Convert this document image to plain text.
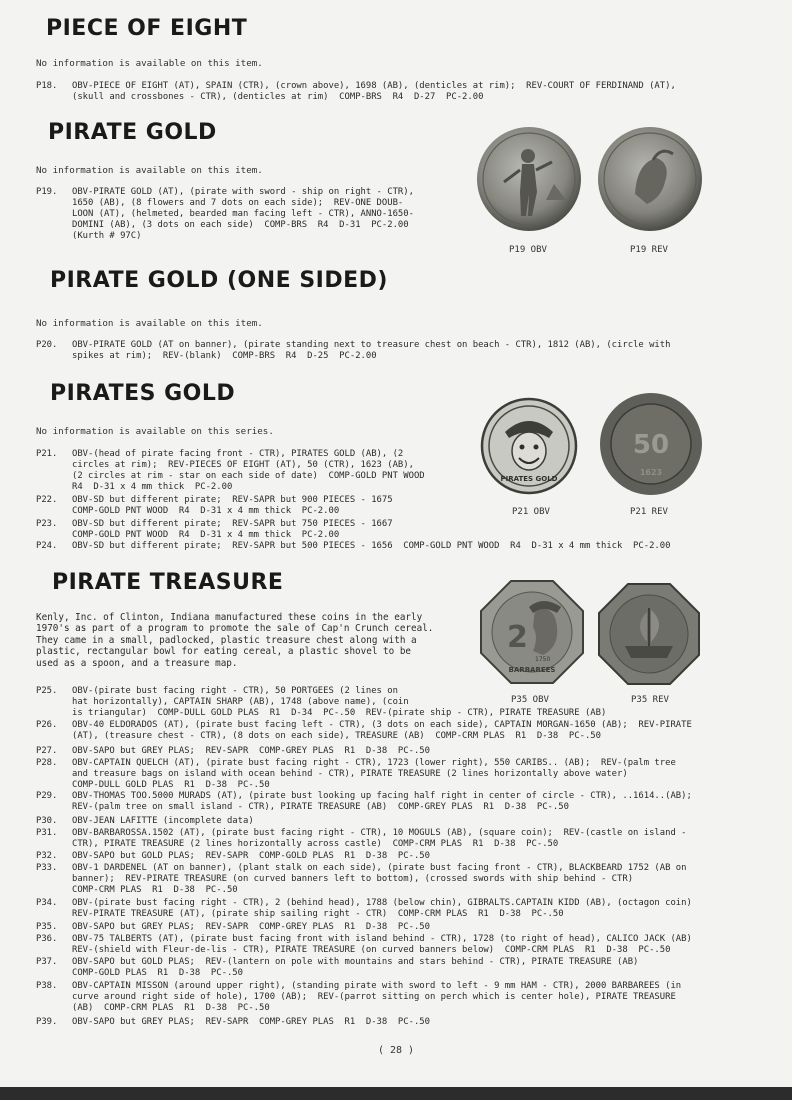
PIECE OF EIGHT

No information is available on this item.

P18. OBV-PIECE OF EIGHT (AT), SPAIN (CTR), (crown above), 1698 (AB), (denticles at rim);  REV-COURT OF FERDINAND (AT),
(skull and crossbones - CTR), (denticles at rim)  COMP-BRS  R4  D-27  PC-2.00
PIRATE GOLD

No information is available on this item.

P19. OBV-PIRATE GOLD (AT), (pirate with sword - ship on right - CTR),
1650 (AB), (8 flowers and 7 dots on each side);  REV-ONE DOUB-
LOON (AT), (helmeted, bearded man facing left - CTR), ANNO-1650-
DOMINI (AB), (3 dots on each side)  COMP-BRS  R4  D-31  PC-2.00
(Kurth # 97C)

P19 OBV	P19 REV

PIRATE GOLD (ONE SIDED)

No information is available on this item.

P20. OBV-PIRATE GOLD (AT on banner), (pirate standing next to treasure chest on beach - CTR), 1812 (AB), (circle with
spikes at rim);  REV-(blank)  COMP-BRS  R4  D-25  PC-2.00
PIRATES GOLD

No information is available on this series.

P21. OBV-(head of pirate facing front - CTR), PIRATES GOLD (AB), (2
circles at rim);  REV-PIECES OF EIGHT (AT), 50 (CTR), 1623 (AB),
(2 circles at rim - star on each side of date)  COMP-GOLD PNT WOOD
R4  D-31 x 4 mm thick  PC-2.00
P22. OBV-SD but different pirate;  REV-SAPR but 900 PIECES - 1675
COMP-GOLD PNT WOOD  R4  D-31 x 4 mm thick  PC-2.00
P23. OBV-SD but different pirate;  REV-SAPR but 750 PIECES - 1667
COMP-GOLD PNT WOOD  R4  D-31 x 4 mm thick  PC-2.00
P24. OBV-SD but different pirate;  REV-SAPR but 500 PIECES - 1656  COMP-GOLD PNT WOOD  R4  D-31 x 4 mm thick  PC-2.00
PIRATES GOLD
50
1623

P21 OBV	P21 REV

PIRATE TREASURE

Kenly, Inc. of Clinton, Indiana manufactured these coins in the early
1970's as part of a program to promote the sale of Cap'n Crunch cereal.
They came in a small, padlocked, plastic treasure chest along with a
plastic, rectangular bowl for eating cereal, a plastic shovel to be
used as a spoon, and a treasure map.

2
1750
BARBAREES

P35 OBV	P35 REV

P25. OBV-(pirate bust facing right - CTR), 50 PORTGEES (2 lines on
hat horizontally), CAPTAIN SHARP (AB), 1748 (above name), (coin
is triangular)  COMP-DULL GOLD PLAS  R1  D-34  PC-.50  REV-(pirate ship - CTR), PIRATE TREASURE (AB)
P26. OBV-40 ELDORADOS (AT), (pirate bust facing left - CTR), (3 dots on each side), CAPTAIN MORGAN-1650 (AB);  REV-PIRATE
(AT), (treasure chest - CTR), (8 dots on each side), TREASURE (AB)  COMP-CRM PLAS  R1  D-38  PC-.50
P27. OBV-SAPO but GREY PLAS;  REV-SAPR  COMP-GREY PLAS  R1  D-38  PC-.50
P28. OBV-CAPTAIN QUELCH (AT), (pirate bust facing right - CTR), 1723 (lower right), 550 CARIBS.. (AB);  REV-(palm tree
and treasure bags on island with ocean behind - CTR), PIRATE TREASURE (2 lines horizontally above water)
COMP-DULL GOLD PLAS  R1  D-38  PC-.50
P29. OBV-THOMAS TOO.5000 MURADS (AT), (pirate bust looking up facing half right in center of circle - CTR), ..1614..(AB);
REV-(palm tree on small island - CTR), PIRATE TREASURE (AB)  COMP-GREY PLAS  R1  D-38  PC-.50
P30. OBV-JEAN LAFITTE (incomplete data)
P31. OBV-BARBAROSSA.1502 (AT), (pirate bust facing right - CTR), 10 MOGULS (AB), (square coin);  REV-(castle on island -
CTR), PIRATE TREASURE (2 lines horizontally across castle)  COMP-CRM PLAS  R1  D-38  PC-.50
P32. OBV-SAPO but GOLD PLAS;  REV-SAPR  COMP-GOLD PLAS  R1  D-38  PC-.50
P33. OBV-1 DARDENEL (AT on banner), (plant stalk on each side), (pirate bust facing front - CTR), BLACKBEARD 1752 (AB on
banner);  REV-PIRATE TREASURE (on curved banners left to bottom), (crossed swords with ship behind - CTR)
COMP-CRM PLAS  R1  D-38  PC-.50
P34. OBV-(pirate bust facing right - CTR), 2 (behind head), 1788 (below chin), GIBRALTS.CAPTAIN KIDD (AB), (octagon coin)
REV-PIRATE TREASURE (AT), (pirate ship sailing right - CTR)  COMP-CRM PLAS  R1  D-38  PC-.50
P35. OBV-SAPO but GREY PLAS;  REV-SAPR  COMP-GREY PLAS  R1  D-38  PC-.50
P36. OBV-75 TALBERTS (AT), (pirate bust facing front with island behind - CTR), 1728 (to right of head), CALICO JACK (AB)
REV-(shield with Fleur-de-lis - CTR), PIRATE TREASURE (on curved banners below)  COMP-CRM PLAS  R1  D-38  PC-.50
P37. OBV-SAPO but GOLD PLAS;  REV-(lantern on pole with mountains and stars behind - CTR), PIRATE TREASURE (AB)
COMP-GOLD PLAS  R1  D-38  PC-.50
P38. OBV-CAPTAIN MISSON (around upper right), (standing pirate with sword to left - 9 mm HAM - CTR), 2000 BARBAREES (in
curve around right side of hole), 1700 (AB);  REV-(parrot sitting on perch which is center hole), PIRATE TREASURE
(AB)  COMP-CRM PLAS  R1  D-38  PC-.50
P39. OBV-SAPO but GREY PLAS;  REV-SAPR  COMP-GREY PLAS  R1  D-38  PC-.50

( 28 )
